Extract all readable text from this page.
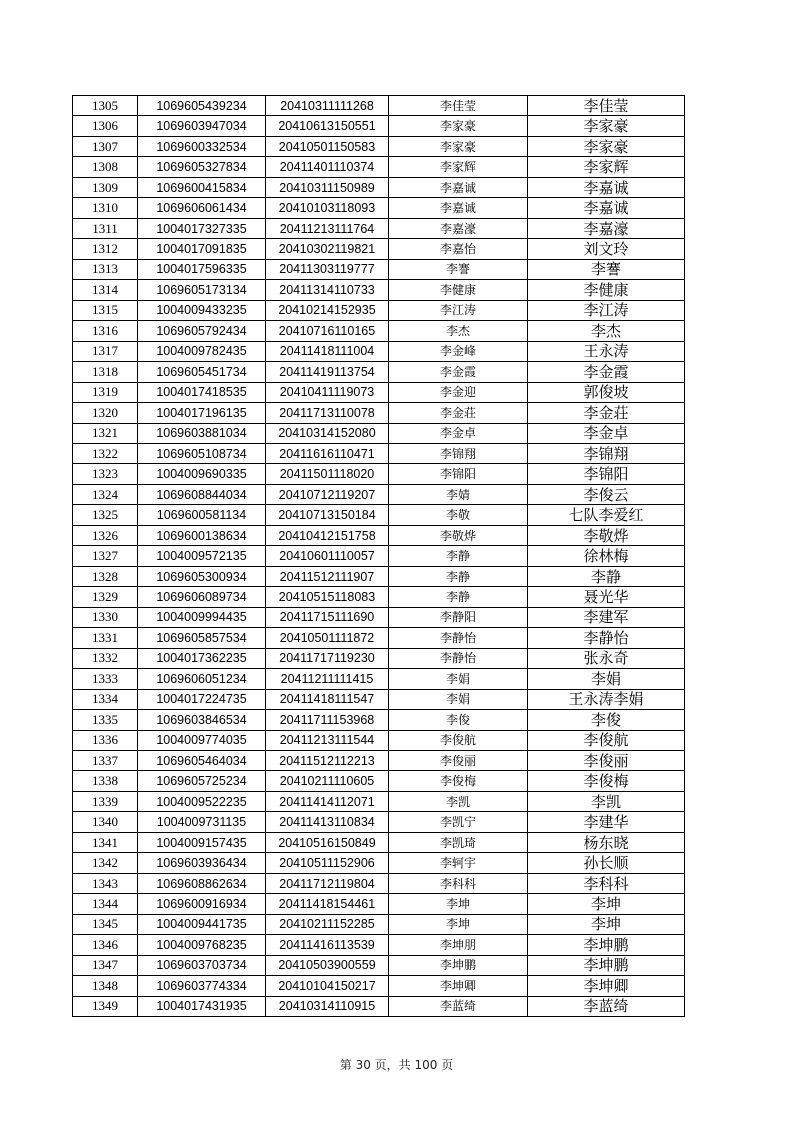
1305	1069605439234	20410311111268	李佳莹	李佳莹
1306	1069603947034	20410613150551	李家豪	李家豪
1307	1069600332534	20410501150583	李家豪	李家豪
1308	1069605327834	20411401110374	李家辉	李家辉
1309	1069600415834	20410311150989	李嘉诚	李嘉诚
1310	1069606061434	20410103118093	李嘉诚	李嘉诚
1311	1004017327335	20411213111764	李嘉濠	李嘉濠
1312	1004017091835	20410302119821	李嘉怡	刘文玲
1313	1004017596335	20411303119777	李謇	李謇
1314	1069605173134	20411314110733	李健康	李健康
1315	1004009433235	20410214152935	李江涛	李江涛
1316	1069605792434	20410716110165	李杰	李杰
1317	1004009782435	20411418111004	李金峰	王永涛
1318	1069605451734	20411419113754	李金霞	李金霞
1319	1004017418535	20410411119073	李金迎	郭俊坡
1320	1004017196135	20411713110078	李金荘	李金荘
1321	1069603881034	20410314152080	李金卓	李金卓
1322	1069605108734	20411616110471	李锦翔	李锦翔
1323	1004009690335	20411501118020	李锦阳	李锦阳
1324	1069608844034	20410712119207	李婧	李俊云
1325	1069600581134	20410713150184	李敬	七队李爱红
1326	1069600138634	20410412151758	李敬烨	李敬烨
1327	1004009572135	20410601110057	李静	徐林梅
1328	1069605300934	20411512111907	李静	李静
1329	1069606089734	20410515118083	李静	聂光华
1330	1004009994435	20411715111690	李静阳	李建军
1331	1069605857534	20410501111872	李静怡	李静怡
1332	1004017362235	20411717119230	李静怡	张永奇
1333	1069606051234	20411211111415	李娟	李娟
1334	1004017224735	20411418111547	李娟	王永涛李娟
1335	1069603846534	20411711153968	李俊	李俊
1336	1004009774035	20411213111544	李俊航	李俊航
1337	1069605464034	20411512112213	李俊丽	李俊丽
1338	1069605725234	20410211110605	李俊梅	李俊梅
1339	1004009522235	20411414112071	李凯	李凯
1340	1004009731135	20411413110834	李凯宁	李建华
1341	1004009157435	20410516150849	李凯琦	杨东晓
1342	1069603936434	20410511152906	李轲宇	孙长顺
1343	1069608862634	20411712119804	李科科	李科科
1344	1069600916934	20411418154461	李坤	李坤
1345	1004009441735	20410211152285	李坤	李坤
1346	1004009768235	20411416113539	李坤朋	李坤鹏
1347	1069603703734	20410503900559	李坤鹏	李坤鹏
1348	1069603774334	20410104150217	李坤卿	李坤卿
1349	1004017431935	20410314110915	李蓝绮	李蓝绮
第 30 页，共 100 页
